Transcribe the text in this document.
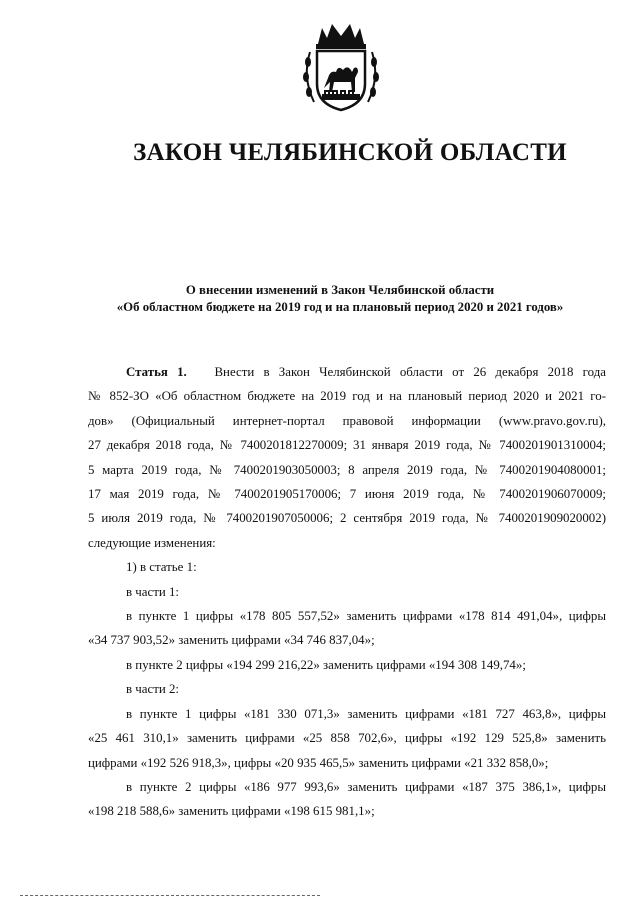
ЗАКОН ЧЕЛЯБИНСКОЙ ОБЛАСТИ
О внесении изменений в Закон Челябинской области
«Об областном бюджете на 2019 год и на плановый период 2020 и 2021 годов»

Статья 1. Внести в Закон Челябинской области от 26 декабря 2018 года

№ 852-ЗО «Об областном бюджете на 2019 год и на плановый период 2020 и 2021 го-

дов» (Официальный интернет-портал правовой информации (www.pravo.gov.ru),

27 декабря 2018 года, № 7400201812270009; 31 января 2019 года, № 7400201901310004;

5 марта 2019 года, № 7400201903050003; 8 апреля 2019 года, № 7400201904080001;

17 мая 2019 года, № 7400201905170006; 7 июня 2019 года, № 7400201906070009;

5 июля 2019 года, № 7400201907050006; 2 сентября 2019 года, № 7400201909020002)

следующие изменения:

1) в статье 1:

в части 1:

в пункте 1 цифры «178 805 557,52» заменить цифрами «178 814 491,04», цифры

«34 737 903,52» заменить цифрами «34 746 837,04»;

в пункте 2 цифры «194 299 216,22» заменить цифрами «194 308 149,74»;

в части 2:

в пункте 1 цифры «181 330 071,3» заменить цифрами «181 727 463,8», цифры

«25 461 310,1» заменить цифрами «25 858 702,6», цифры «192 129 525,8» заменить

цифрами «192 526 918,3», цифры «20 935 465,5» заменить цифрами «21 332 858,0»;

в пункте 2 цифры «186 977 993,6» заменить цифрами «187 375 386,1», цифры

«198 218 588,6» заменить цифрами «198 615 981,1»;
